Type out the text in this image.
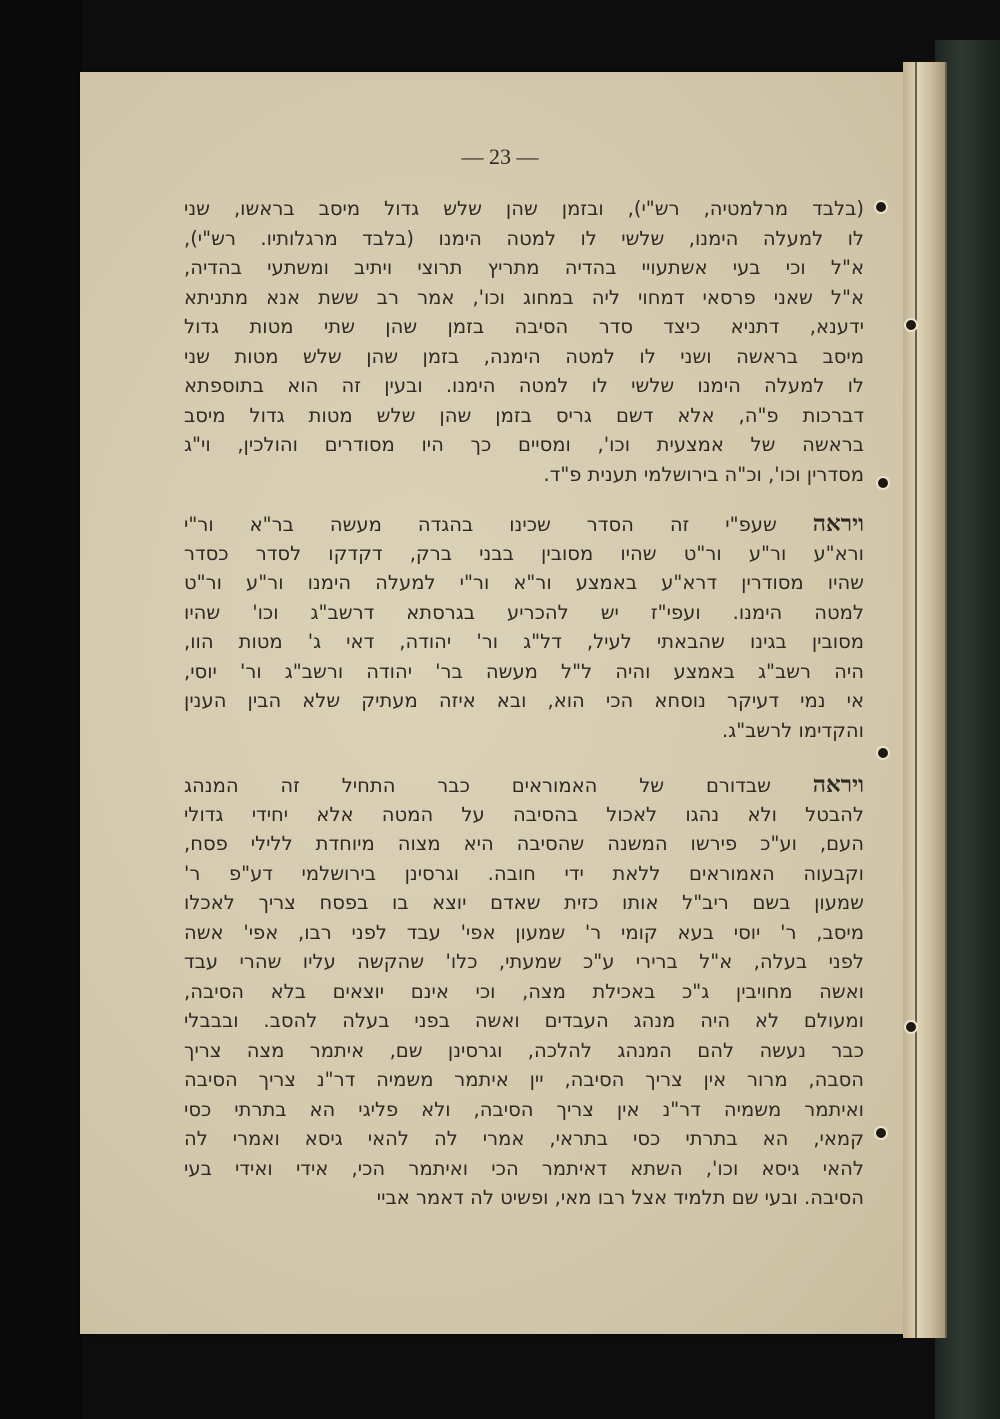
— 23 —
(בלבד מרלמטיה, רש"י), ובזמן שהן שלש גדול מיסב בראשו, שני
לו למעלה הימנו, שלשי לו למטה הימנו (בלבד מרגלותיו. רש"י),
א"ל וכי בעי אשתעויי בהדיה מתריץ תרוצי ויתיב ומשתעי בהדיה,
א"ל שאני פרסאי דמחוי ליה במחוג וכו', אמר רב ששת אנא מתניתא
ידענא, דתניא כיצד סדר הסיבה בזמן שהן שתי מטות גדול
מיסב בראשה ושני לו למטה הימנה, בזמן שהן שלש מטות שני
לו למעלה הימנו שלשי לו למטה הימנו. ובעין זה הוא בתוספתא
דברכות פ"ה, אלא דשם גריס בזמן שהן שלש מטות גדול מיסב
בראשה של אמצעית וכו', ומסיים כך היו מסודרים והולכין, וי"ג
מסדרין וכו', וכ"ה בירושלמי תענית פ"ד.
ויראה שעפ"י זה הסדר שכינו בהגדה מעשה בר"א ור"י
ורא"ע ור"ע ור"ט שהיו מסובין בבני ברק, דקדקו לסדר כסדר
שהיו מסודרין דרא"ע באמצע ור"א ור"י למעלה הימנו ור"ע ור"ט
למטה הימנו. ועפי"ז יש להכריע בגרסתא דרשב"ג וכו' שהיו
מסובין בגינו שהבאתי לעיל, דל"ג ור' יהודה, דאי ג' מטות הוו,
היה רשב"ג באמצע והיה ל"ל מעשה בר' יהודה ורשב"ג ור' יוסי,
אי נמי דעיקר נוסחא הכי הוא, ובא איזה מעתיק שלא הבין הענין
והקדימו לרשב"ג.
ויראה שבדורם של האמוראים כבר התחיל זה המנהג
להבטל ולא נהגו לאכול בהסיבה על המטה אלא יחידי גדולי
העם, וע"כ פירשו המשנה שהסיבה היא מצוה מיוחדת ללילי פסח,
וקבעוה האמוראים ללאת ידי חובה. וגרסינן בירושלמי דע"פ ר'
שמעון בשם ריב"ל אותו כזית שאדם יוצא בו בפסח צריך לאכלו
מיסב, ר' יוסי בעא קומי ר' שמעון אפי' עבד לפני רבו, אפי' אשה
לפני בעלה, א"ל ברירי ע"כ שמעתי, כלו' שהקשה עליו שהרי עבד
ואשה מחויבין ג"כ באכילת מצה, וכי אינם יוצאים בלא הסיבה,
ומעולם לא היה מנהג העבדים ואשה בפני בעלה להסב. ובבבלי
כבר נעשה להם המנהג להלכה, וגרסינן שם, איתמר מצה צריך
הסבה, מרור אין צריך הסיבה, יין איתמר משמיה דר"נ צריך הסיבה
ואיתמר משמיה דר"נ אין צריך הסיבה, ולא פליגי הא בתרתי כסי
קמאי, הא בתרתי כסי בתראי, אמרי לה להאי גיסא ואמרי לה
להאי גיסא וכו', השתא דאיתמר הכי ואיתמר הכי, אידי ואידי בעי
הסיבה. ובעי שם תלמיד אצל רבו מאי, ופשיט לה דאמר אביי
